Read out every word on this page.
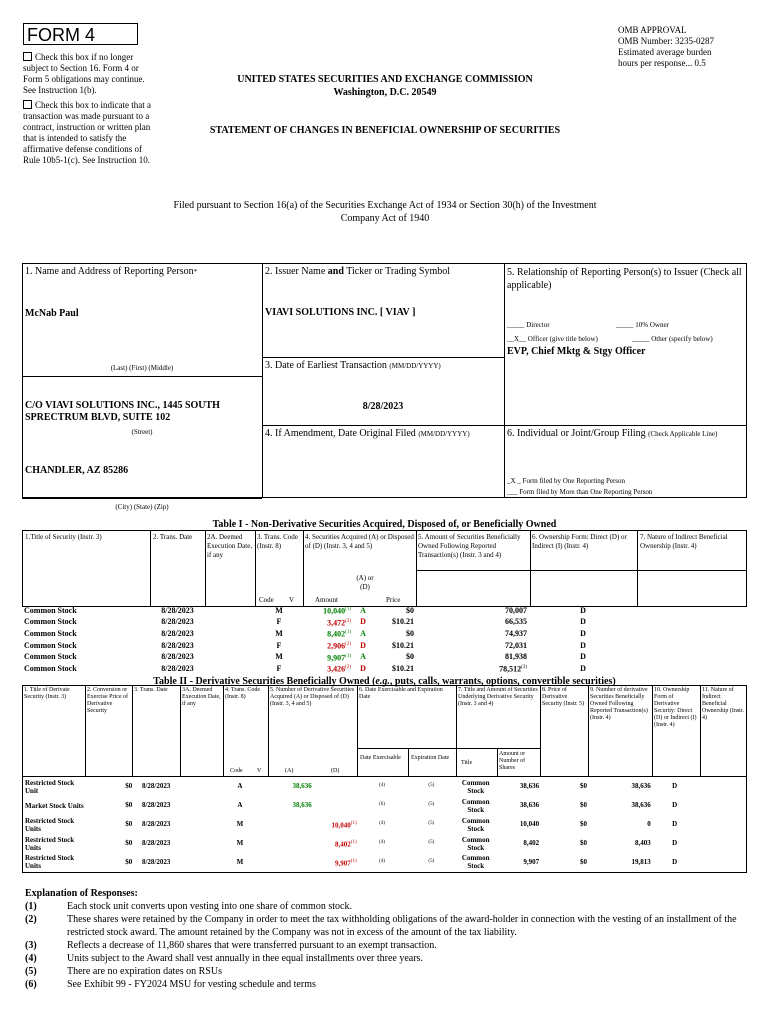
FORM 4
Check this box if no longer subject to Section 16. Form 4 or Form 5 obligations may continue. See Instruction 1(b).
Check this box to indicate that a transaction was made pursuant to a contract, instruction or written plan that is intended to satisfy the affirmative defense conditions of Rule 10b5-1(c). See Instruction 10.
UNITED STATES SECURITIES AND EXCHANGE COMMISSION
Washington, D.C. 20549
OMB APPROVAL
OMB Number: 3235-0287
Estimated average burden
hours per response... 0.5
STATEMENT OF CHANGES IN BENEFICIAL OWNERSHIP OF SECURITIES
Filed pursuant to Section 16(a) of the Securities Exchange Act of 1934 or Section 30(h) of the Investment Company Act of 1940
1. Name and Address of Reporting Person*
McNab Paul
(Last) (First) (Middle)
C/O VIAVI SOLUTIONS INC., 1445 SOUTH SPRECTRUM BLVD, SUITE 102
(Street)
CHANDLER, AZ 85286
(City) (State) (Zip)
2. Issuer Name and Ticker or Trading Symbol
VIAVI SOLUTIONS INC. [ VIAV ]
3. Date of Earliest Transaction (MM/DD/YYYY)
8/28/2023
4. If Amendment, Date Original Filed (MM/DD/YYYY)
5. Relationship of Reporting Person(s) to Issuer (Check all applicable)
_____ Director	_____ 10% Owner
__X__ Officer (give title below)	_____ Other (specify below)
EVP, Chief Mktg & Stgy Officer
6. Individual or Joint/Group Filing (Check Applicable Line)
_X _ Form filed by One Reporting Person
___ Form filed by More than One Reporting Person
Table I - Non-Derivative Securities Acquired, Disposed of, or Beneficially Owned
1.Title of Security (Instr. 3)	2. Trans. Date	2A. Deemed Execution Date, if any
3. Trans. Code (Instr. 8)
4. Securities Acquired (A) or Disposed of (D) (Instr. 3, 4 and 5)
5. Amount of Securities Beneficially Owned Following Reported Transaction(s) (Instr. 3 and 4)
6. Ownership Form: Direct (D) or Indirect (I) (Instr. 4)
7. Nature of Indirect Beneficial Ownership (Instr. 4)
Code V	Amount
(A) or (D)
Price
Common Stock	8/28/2023		M		10,040$^{(1)}$	A	$0	70,007	D	
Common Stock	8/28/2023		F		3,472$^{(2)}$	D	$10.21	66,535	D	
Common Stock	8/28/2023		M		8,402$^{(1)}$	A	$0	74,937	D	
Common Stock	8/28/2023		F		2,906$^{(2)}$	D	$10.21	72,031	D	
Common Stock	8/28/2023		M		9,907$^{(1)}$	A	$0	81,938	D	
Common Stock	8/28/2023		F		3,426$^{(2)}$	D	$10.21	78,512$^{(3)}$	D	
Table II - Derivative Securities Beneficially Owned (e.g., puts, calls, warrants, options, convertible securities)
1. Title of Derivate Security (Instr. 3)
2. Conversion or Exercise Price of Derivative Security
3. Trans. Date	3A. Deemed Execution Date, if any
4. Trans. Code (Instr. 8)
5. Number of Derivative Securities Acquired (A) or Disposed of (D) (Instr. 3, 4 and 5)
6. Date Exercisable and Expiration Date
7. Title and Amount of Securities Underlying Derivative Security (Instr. 3 and 4)
8. Price of Derivative Security (Instr. 5)
9. Number of derivative Securities Beneficially Owned Following Reported Transaction(s) (Instr. 4)
10. Ownership Form of Derivative Security: Direct (D) or Indirect (I) (Instr. 4)
11. Nature of Indirect Beneficial Ownership (Instr. 4)
Code V	(A)	(D)
Date Exercisable	Expiration Date
Title
Amount or Number of Shares
Restricted Stock Unit	$0	8/28/2023		A		38,636		$^{(4)}$	$^{(5)}$	Common Stock	38,636	$0	38,636	D	
Market Stock Units	$0	8/28/2023		A		38,636		$^{(6)}$	$^{(5)}$	Common Stock	38,636	$0	38,636	D	
Restricted Stock Units	$0	8/28/2023		M			10,040$^{(1)}$	$^{(4)}$	$^{(5)}$	Common Stock	10,040	$0	0	D	
Restricted Stock Units	$0	8/28/2023		M			8,402$^{(1)}$	$^{(4)}$	$^{(5)}$	Common Stock	8,402	$0	8,403	D	
Restricted Stock Units	$0	8/28/2023		M			9,907$^{(1)}$	$^{(4)}$	$^{(5)}$	Common Stock	9,907	$0	19,813	D	
Explanation of Responses:
(1)	Each stock unit converts upon vesting into one share of common stock.
(2)	These shares were retained by the Company in order to meet the tax withholding obligations of the award-holder in connection with the vesting of an installment of the restricted stock award. The amount retained by the Company was not in excess of the amount of the tax liability.
(3)	Reflects a decrease of 11,860 shares that were transferred pursuant to an exempt transaction.
(4)	Units subject to the Award shall vest annually in thee equal installments over three years.
(5)	There are no expiration dates on RSUs
(6)	See Exhibit 99 - FY2024 MSU for vesting schedule and terms
